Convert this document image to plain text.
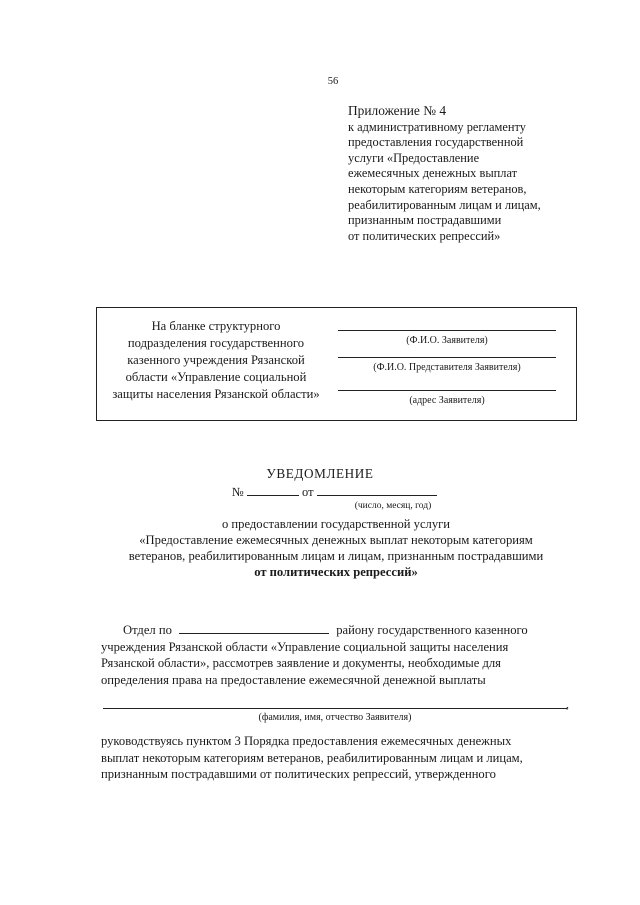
56
Приложение № 4
к административному регламенту
предоставления государственной
услуги «Предоставление
ежемесячных денежных выплат
некоторым категориям ветеранов,
реабилитированным лицам и лицам,
признанным пострадавшими
от политических репрессий»
На бланке структурного
подразделения государственного
казенного учреждения Рязанской
области «Управление социальной
защиты населения Рязанской области»
(Ф.И.О. Заявителя)
(Ф.И.О. Представителя Заявителя)
(адрес Заявителя)
УВЕДОМЛЕНИЕ
№	от
(число, месяц, год)
о предоставлении государственной услуги
«Предоставление ежемесячных денежных выплат некоторым категориям
ветеранов, реабилитированным лицам и лицам, признанным пострадавшими
от политических репрессий»
Отдел по	району государственного казенного
учреждения Рязанской области «Управление социальной защиты населения
Рязанской области», рассмотрев заявление и документы, необходимые для
определения права на предоставление ежемесячной денежной выплаты
,
(фамилия, имя, отчество Заявителя)
руководствуясь пунктом 3 Порядка предоставления ежемесячных денежных
выплат некоторым категориям ветеранов, реабилитированным лицам и лицам,
признанным пострадавшими от политических репрессий, утвержденного
